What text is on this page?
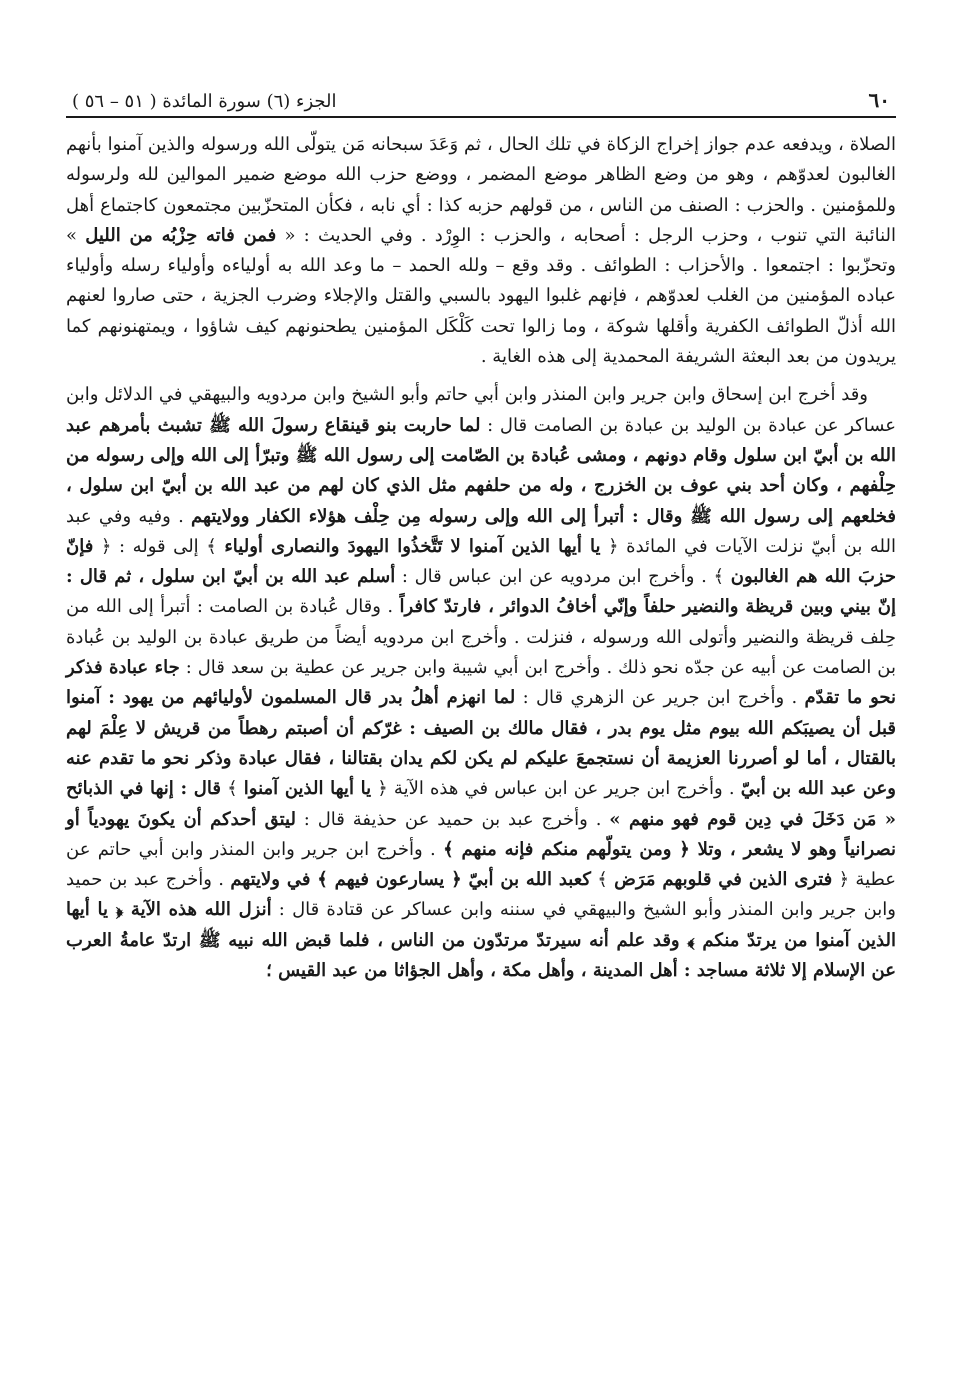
٦٠
الجزء (٦) سورة المائدة ( ٥١ – ٥٦ )

الصلاة ، ويدفعه عدم جواز إخراج الزكاة في تلك الحال ، ثم وَعَدَ سبحانه مَن يتولّى الله ورسوله والذين آمنوا بأنهم الغالبون لعدوّهم ، وهو من وضع الظاهر موضع المضمر ، ووضع حزب الله موضع ضمير الموالين لله ولرسوله وللمؤمنين . والحزب : الصنف من الناس ، من قولهم حزبه كذا : أي نابه ، فكأن المتحزّبين مجتمعون كاجتماع أهل النائبة التي تنوب ، وحزب الرجل : أصحابه ، والحزب : الوِرْد . وفي الحديث : « فمن فاته حِزْبُه من الليل » وتحزّبوا : اجتمعوا . والأحزاب : الطوائف . وقد وقع – ولله الحمد – ما وعد الله به أولياءه وأولياء رسله وأولياء عباده المؤمنين من الغلب لعدوّهم ، فإنهم غلبوا اليهود بالسبي والقتل والإجلاء وضرب الجزية ، حتى صاروا لعنهم الله أذلّ الطوائف الكفرية وأقلها شوكة ، وما زالوا تحت كَلْكَل المؤمنين يطحنونهم كيف شاؤوا ، ويمتهنونهم كما يريدون من بعد البعثة الشريفة المحمدية إلى هذه الغاية .

وقد أخرج ابن إسحاق وابن جرير وابن المنذر وابن أبي حاتم وأبو الشيخ وابن مردويه والبيهقي في الدلائل وابن عساكر عن عبادة بن الوليد بن عبادة بن الصامت قال : لما حاربت بنو قينقاع رسولَ الله ﷺ تشبث بأمرهم عبد الله بن أبيّ ابن سلول وقام دونهم ، ومشى عُبادة بن الصّامت إلى رسول الله ﷺ وتبرّأ إلى الله وإلى رسوله من حِلْفهم ، وكان أحد بني عوف بن الخزرج ، وله من حلفهم مثل الذي كان لهم من عبد الله بن أبيّ ابن سلول ، فخلعهم إلى رسول الله ﷺ وقال : أتبرأ إلى الله وإلى رسوله مِن حِلْف هؤلاء الكفار وولايتهم . وفيه وفي عبد الله بن أبيّ نزلت الآيات في المائدة ﴿ يا أيها الذين آمنوا لا تَتَّخذُوا اليهودَ والنصارى أولياء ﴾ إلى قوله : ﴿ فإنّ حزبَ الله هم الغالبون ﴾ . وأخرج ابن مردويه عن ابن عباس قال : أسلم عبد الله بن أبيّ ابن سلول ، ثم قال : إنّ بيني وبين قريظة والنضير حلفاً وإنّي أخافُ الدوائر ، فارتدّ كافراً . وقال عُبادة بن الصامت : أتبرأ إلى الله من حِلف قريظة والنضير وأتولى الله ورسوله ، فنزلت . وأخرج ابن مردويه أيضاً من طريق عبادة بن الوليد بن عُبادة بن الصامت عن أبيه عن جدّه نحو ذلك . وأخرج ابن أبي شيبة وابن جرير عن عطية بن سعد قال : جاء عبادة فذكر نحو ما تقدّم . وأخرج ابن جرير عن الزهري قال : لما انهزم أهلُ بدر قال المسلمون لأوليائهم من يهود : آمنوا قبل أن يصيبَكم الله بيوم مثل يوم بدر ، فقال مالك بن الصيف : غرّكم أن أصبتم رهطاً من قريش لا عِلْمَ لهم بالقتال ، أما لو أصررنا العزيمة أن نستجمعَ عليكم لم يكن لكم يدان بقتالنا ، فقال عبادة وذكر نحو ما تقدم عنه وعن عبد الله بن أبيّ . وأخرج ابن جرير عن ابن عباس في هذه الآية ﴿ يا أيها الذين آمنوا ﴾ قال : إنها في الذبائح « مَن دَخَلَ في دِين قوم فهو منهم » . وأخرج عبد بن حميد عن حذيفة قال : ليتق أحدكم أن يكونَ يهودياً أو نصرانياً وهو لا يشعر ، وتلا ﴿ ومن يتولّهم منكم فإنه منهم ﴾ . وأخرج ابن جرير وابن المنذر وابن أبي حاتم عن عطية ﴿ فترى الذين في قلوبهم مَرَض ﴾ كعبد الله بن أبيّ ﴿ يسارعون فيهم ﴾ في ولايتهم . وأخرج عبد بن حميد وابن جرير وابن المنذر وأبو الشيخ والبيهقي في سننه وابن عساكر عن قتادة قال : أنزل الله هذه الآية ﴿ يا أيها الذين آمنوا من يرتدّ منكم ﴾ وقد علم أنه سيرتدّ مرتدّون من الناس ، فلما قبض الله نبيه ﷺ ارتدّ عامةُ العرب عن الإسلام إلا ثلاثة مساجد : أهل المدينة ، وأهل مكة ، وأهل الجؤاثا من عبد القيس ؛
